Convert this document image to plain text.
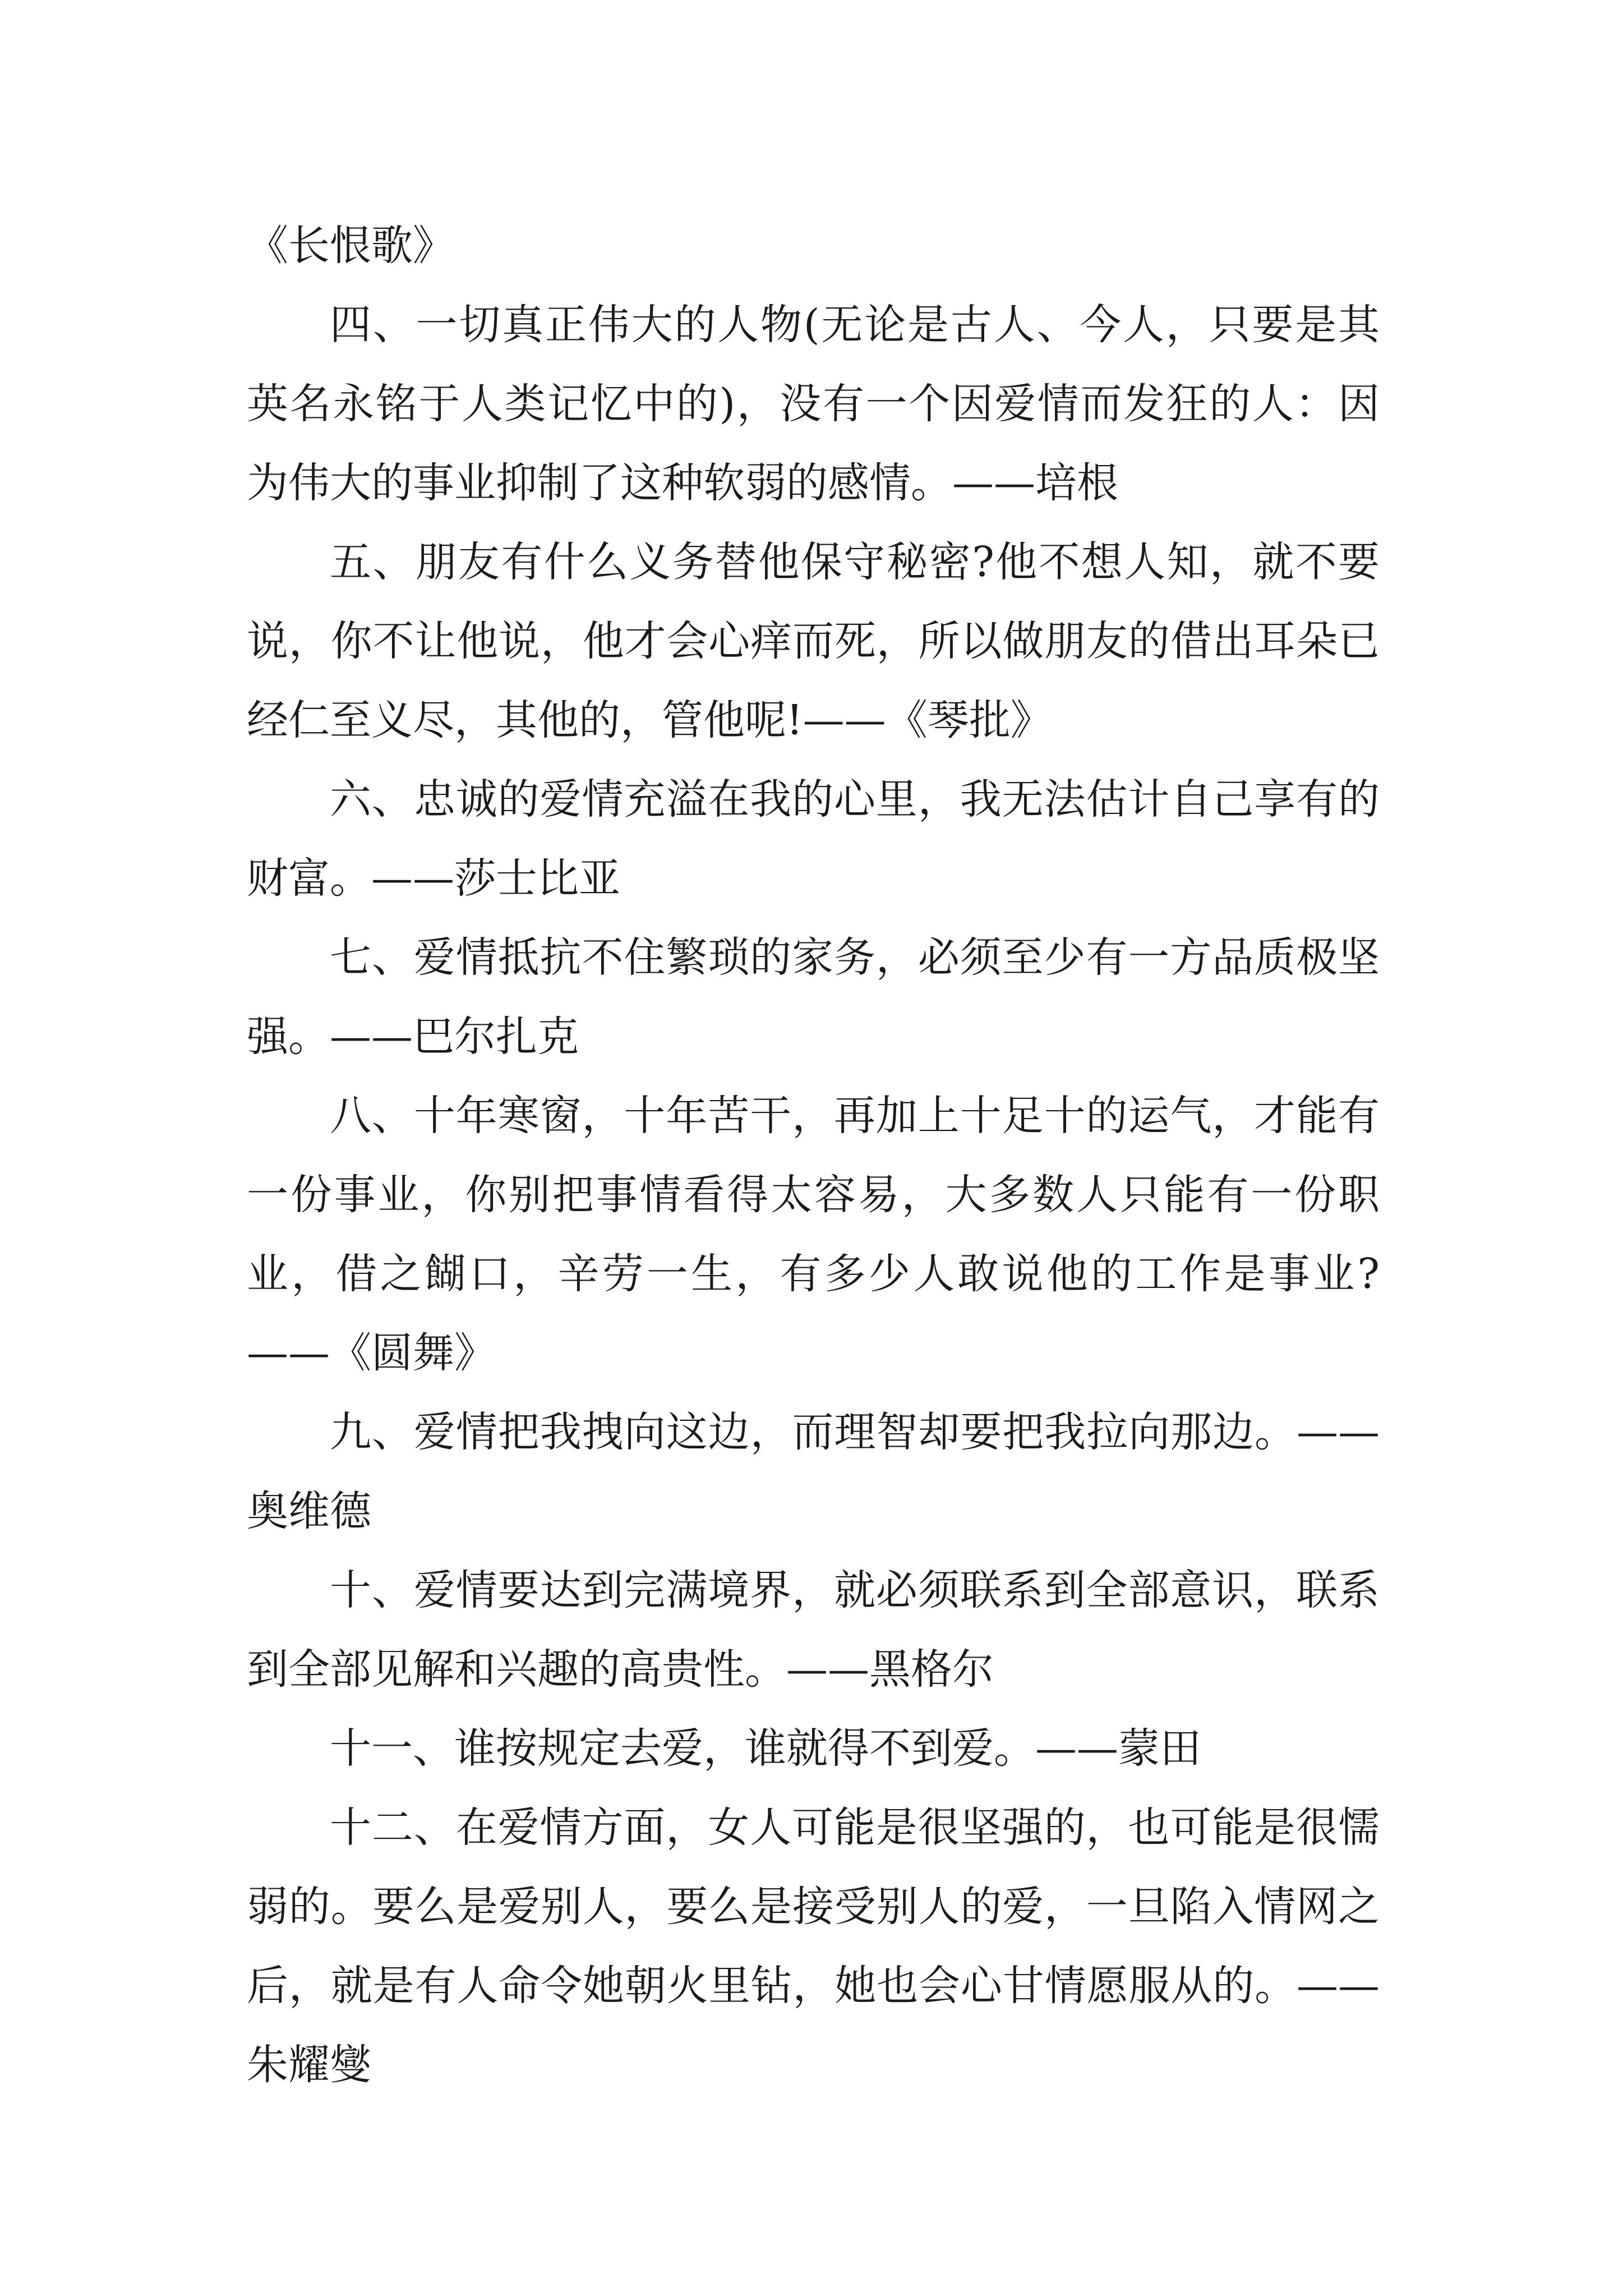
《长恨歌》

四、一切真正伟大的人物(无论是古人、今人，只要是其英名永铭于人类记忆中的)，没有一个因爱情而发狂的人：因为伟大的事业抑制了这种软弱的感情。——培根

五、朋友有什么义务替他保守秘密?他不想人知，就不要说，你不让他说，他才会心痒而死，所以做朋友的借出耳朵已经仁至义尽，其他的，管他呢!——《琴批》

六、忠诚的爱情充溢在我的心里，我无法估计自己享有的财富。——莎士比亚

七、爱情抵抗不住繁琐的家务，必须至少有一方品质极坚强。——巴尔扎克

八、十年寒窗，十年苦干，再加上十足十的运气，才能有一份事业，你别把事情看得太容易，大多数人只能有一份职业，借之餬口，辛劳一生，有多少人敢说他的工作是事业?——《圆舞》

九、爱情把我拽向这边，而理智却要把我拉向那边。——奥维德

十、爱情要达到完满境界，就必须联系到全部意识，联系到全部见解和兴趣的高贵性。——黑格尔

十一、谁按规定去爱，谁就得不到爱。——蒙田

十二、在爱情方面，女人可能是很坚强的，也可能是很懦弱的。要么是爱别人，要么是接受别人的爱，一旦陷入情网之后，就是有人命令她朝火里钻，她也会心甘情愿服从的。——朱耀燮
